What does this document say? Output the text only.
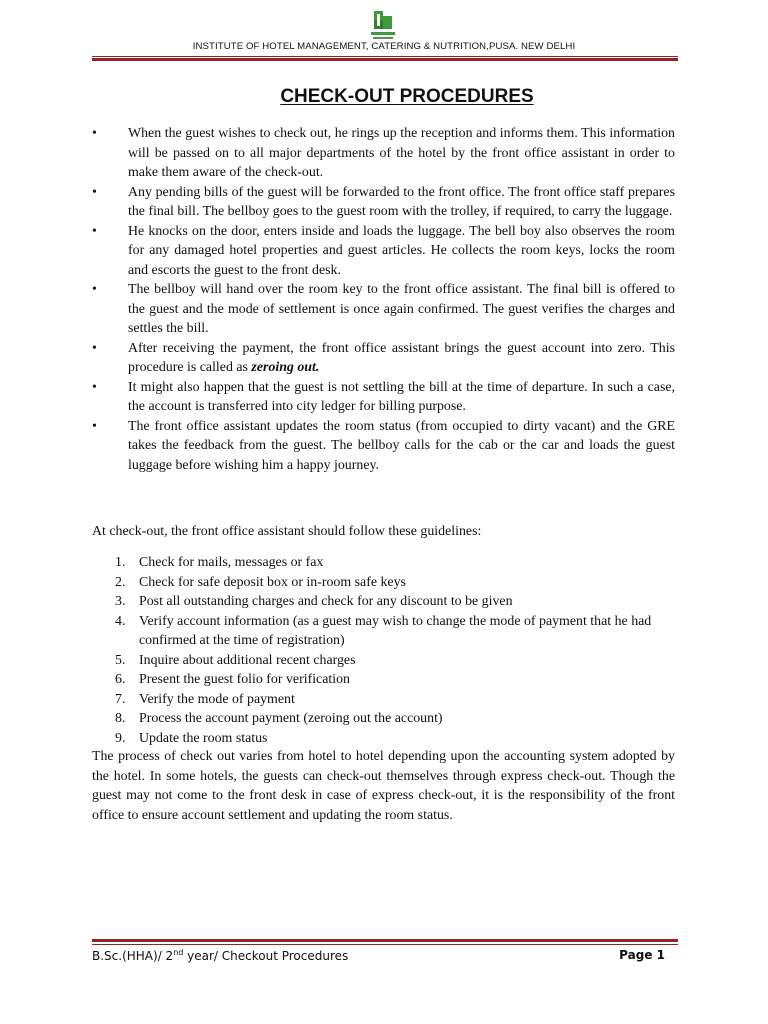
INSTITUTE OF HOTEL MANAGEMENT, CATERING & NUTRITION,PUSA. NEW DELHI
CHECK-OUT PROCEDURES
•	When the guest wishes to check out, he rings up the reception and informs them. This information will be passed on to all major departments of the hotel by the front office assistant in order to make them aware of the check-out.
•	Any pending bills of the guest will be forwarded to the front office. The front office staff prepares the final bill. The bellboy goes to the guest room with the trolley, if required, to carry the luggage.
•	He knocks on the door, enters inside and loads the luggage. The bell boy also observes the room for any damaged hotel properties and guest articles. He collects the room keys, locks the room and escorts the guest to the front desk.
•	The bellboy will hand over the room key to the front office assistant. The final bill is offered to the guest and the mode of settlement is once again confirmed. The guest verifies the charges and settles the bill.
•	After receiving the payment, the front office assistant brings the guest account into zero. This procedure is called as zeroing out.
•	It might also happen that the guest is not settling the bill at the time of departure. In such a case, the account is transferred into city ledger for billing purpose.
•	The front office assistant updates the room status (from occupied to dirty vacant) and the GRE takes the feedback from the guest. The bellboy calls for the cab or the car and loads the guest luggage before wishing him a happy journey.

At check-out, the front office assistant should follow these guidelines:

1. Check for mails, messages or fax
2. Check for safe deposit box or in-room safe keys
3. Post all outstanding charges and check for any discount to be given
4. Verify account information (as a guest may wish to change the mode of payment that he had confirmed at the time of registration)
5. Inquire about additional recent charges
6. Present the guest folio for verification
7. Verify the mode of payment
8. Process the account payment (zeroing out the account)
9. Update the room status

The process of check out varies from hotel to hotel depending upon the accounting system adopted by the hotel. In some hotels, the guests can check-out themselves through express check-out. Though the guest may not come to the front desk in case of express check-out, it is the responsibility of the front office to ensure account settlement and updating the room status.

B.Sc.(HHA)/ 2nd year/ Checkout Procedures	Page 1
